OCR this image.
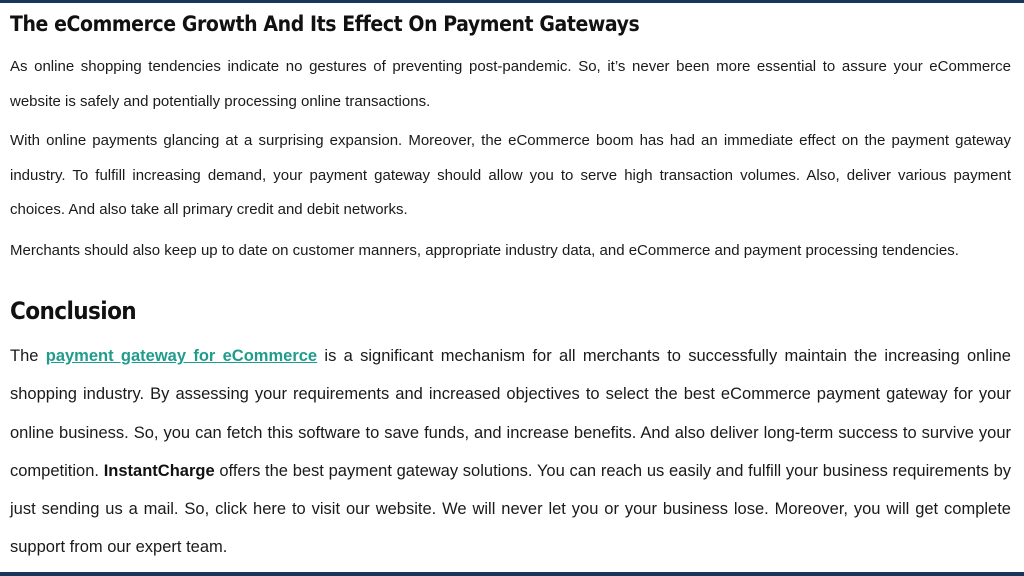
The eCommerce Growth And Its Effect On Payment Gateways

As online shopping tendencies indicate no gestures of preventing post-pandemic. So, it’s never been more essential to assure your eCommerce website is safely and potentially processing online transactions.

With online payments glancing at a surprising expansion. Moreover, the eCommerce boom has had an immediate effect on the payment gateway industry. To fulfill increasing demand, your payment gateway should allow you to serve high transaction volumes. Also, deliver various payment choices. And also take all primary credit and debit networks.

Merchants should also keep up to date on customer manners, appropriate industry data, and eCommerce and payment processing tendencies.

Conclusion

The payment gateway for eCommerce is a significant mechanism for all merchants to successfully maintain the increasing online shopping industry. By assessing your requirements and increased objectives to select the best eCommerce payment gateway for your online business. So, you can fetch this software to save funds, and increase benefits. And also deliver long-term success to survive your competition. InstantCharge offers the best payment gateway solutions. You can reach us easily and fulfill your business requirements by just sending us a mail. So, click here to visit our website. We will never let you or your business lose. Moreover, you will get complete support from our expert team.
